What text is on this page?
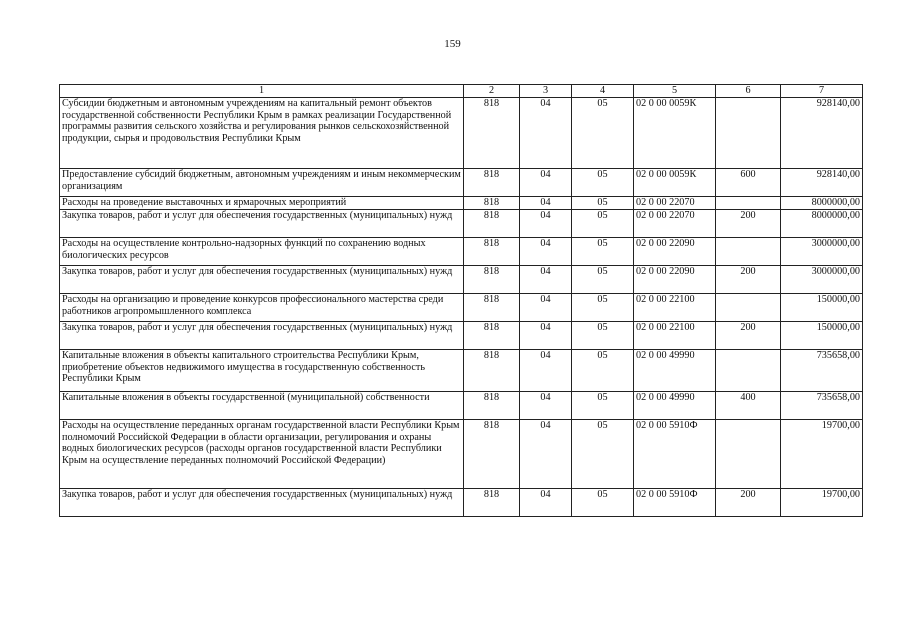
159
1	2	3	4	5	6	7
Субсидии бюджетным и автономным учреждениям на капитальный ремонт объектов государственной собственности Республики Крым в рамках реализации Государственной программы развития сельского хозяйства и регулирования рынков сельскохозяйственной продукции, сырья и продовольствия Республики Крым	818	04	05	02 0 00 0059К		928140,00
Предоставление субсидий бюджетным, автономным учреждениям и иным некоммерческим организациям	818	04	05	02 0 00 0059К	600	928140,00
Расходы на проведение выставочных и ярмарочных мероприятий	818	04	05	02 0 00 22070		8000000,00
Закупка товаров, работ и услуг для обеспечения государственных (муниципальных) нужд	818	04	05	02 0 00 22070	200	8000000,00
Расходы на осуществление контрольно-надзорных функций по сохранению водных биологических ресурсов	818	04	05	02 0 00 22090		3000000,00
Закупка товаров, работ и услуг для обеспечения государственных (муниципальных) нужд	818	04	05	02 0 00 22090	200	3000000,00
Расходы на организацию и проведение конкурсов профессионального мастерства среди работников агропромышленного комплекса	818	04	05	02 0 00 22100		150000,00
Закупка товаров, работ и услуг для обеспечения государственных (муниципальных) нужд	818	04	05	02 0 00 22100	200	150000,00
Капитальные вложения в объекты капитального строительства Республики Крым, приобретение объектов недвижимого имущества в государственную собственность Республики Крым	818	04	05	02 0 00 49990		735658,00
Капитальные вложения в объекты государственной (муниципальной) собственности	818	04	05	02 0 00 49990	400	735658,00
Расходы на осуществление переданных органам государственной власти Республики Крым полномочий Российской Федерации в области организации, регулирования и охраны водных биологических ресурсов (расходы органов государственной власти Республики Крым на осуществление переданных полномочий Российской Федерации)	818	04	05	02 0 00 5910Ф		19700,00
Закупка товаров, работ и услуг для обеспечения государственных (муниципальных) нужд	818	04	05	02 0 00 5910Ф	200	19700,00
